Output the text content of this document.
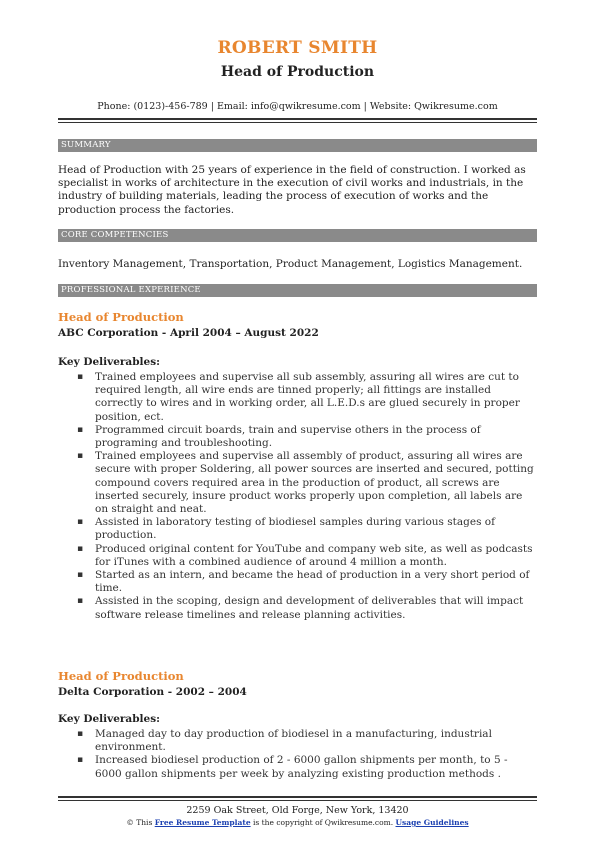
ROBERT SMITH
Head of Production
Phone: (0123)-456-789 | Email: info@qwikresume.com | Website: Qwikresume.com
SUMMARY
Head of Production with 25 years of experience in the field of construction. I worked as specialist in works of architecture in the execution of civil works and industrials, in the industry of building materials, leading the process of execution of works and the production process the factories.
CORE COMPETENCIES
Inventory Management, Transportation, Product Management, Logistics Management.
PROFESSIONAL EXPERIENCE
Head of Production
ABC Corporation - April 2004 – August 2022
Key Deliverables:
▪ Trained employees and supervise all sub assembly, assuring all wires are cut to required length, all wire ends are tinned properly; all fittings are installed correctly to wires and in working order, all L.E.D.s are glued securely in proper position, ect.
▪ Programmed circuit boards, train and supervise others in the process of programing and troubleshooting.
▪ Trained employees and supervise all assembly of product, assuring all wires are secure with proper Soldering, all power sources are inserted and secured, potting compound covers required area in the production of product, all screws are inserted securely, insure product works properly upon completion, all labels are on straight and neat.
▪ Assisted in laboratory testing of biodiesel samples during various stages of production.
▪ Produced original content for YouTube and company web site, as well as podcasts for iTunes with a combined audience of around 4 million a month.
▪ Started as an intern, and became the head of production in a very short period of time.
▪ Assisted in the scoping, design and development of deliverables that will impact software release timelines and release planning activities.
Head of Production
Delta Corporation - 2002 – 2004
Key Deliverables:
▪ Managed day to day production of biodiesel in a manufacturing, industrial environment.
▪ Increased biodiesel production of 2 - 6000 gallon shipments per month, to 5 - 6000 gallon shipments per week by analyzing existing production methods .
2259 Oak Street, Old Forge, New York, 13420
© This Free Resume Template is the copyright of Qwikresume.com. Usage Guidelines
